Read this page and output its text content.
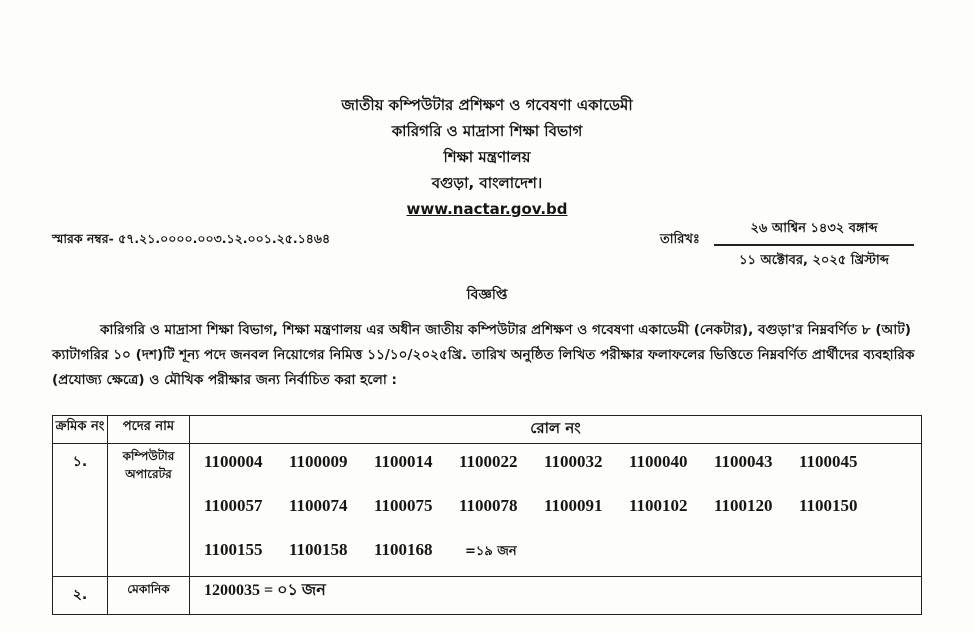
জাতীয় কম্পিউটার প্রশিক্ষণ ও গবেষণা একাডেমী
কারিগরি ও মাদ্রাসা শিক্ষা বিভাগ
শিক্ষা মন্ত্রণালয়
বগুড়া, বাংলাদেশ।
www.nactar.gov.bd
স্মারক নম্বর- ৫৭.২১.০০০০.০০৩.১২.০০১.২৫.১৪৬৪	তারিখঃ
২৬ আশ্বিন ১৪৩২ বঙ্গাব্দ
১১ অক্টোবর, ২০২৫ খ্রিস্টাব্দ
বিজ্ঞপ্তি
কারিগরি ও মাদ্রাসা শিক্ষা বিভাগ, শিক্ষা মন্ত্রণালয় এর অধীন জাতীয় কম্পিউটার প্রশিক্ষণ ও গবেষণা একাডেমী (নেকটার), বগুড়া'র নিম্নবর্ণিত ৮ (আট) ক্যাটাগরির ১০ (দশ)টি শূন্য পদে জনবল নিয়োগের নিমিত্ত ১১/১০/২০২৫খ্রি. তারিখ অনুষ্ঠিত লিখিত পরীক্ষার ফলাফলের ভিত্তিতে নিম্নবর্ণিত প্রার্থীদের ব্যবহারিক (প্রযোজ্য ক্ষেত্রে) ও মৌখিক পরীক্ষার জন্য নির্বাচিত করা হলো :
ক্রমিক নং	পদের নাম	রোল নং
১.	কম্পিউটার অপারেটর	1100004 1100009 1100014 1100022 1100032 1100040 1100043 1100045
1100057 1100074 1100075 1100078 1100091 1100102 1100120 1100150
1100155 1100158 1100168 =১৯ জন

২.	মেকানিক	1200035 = ০১ জন
